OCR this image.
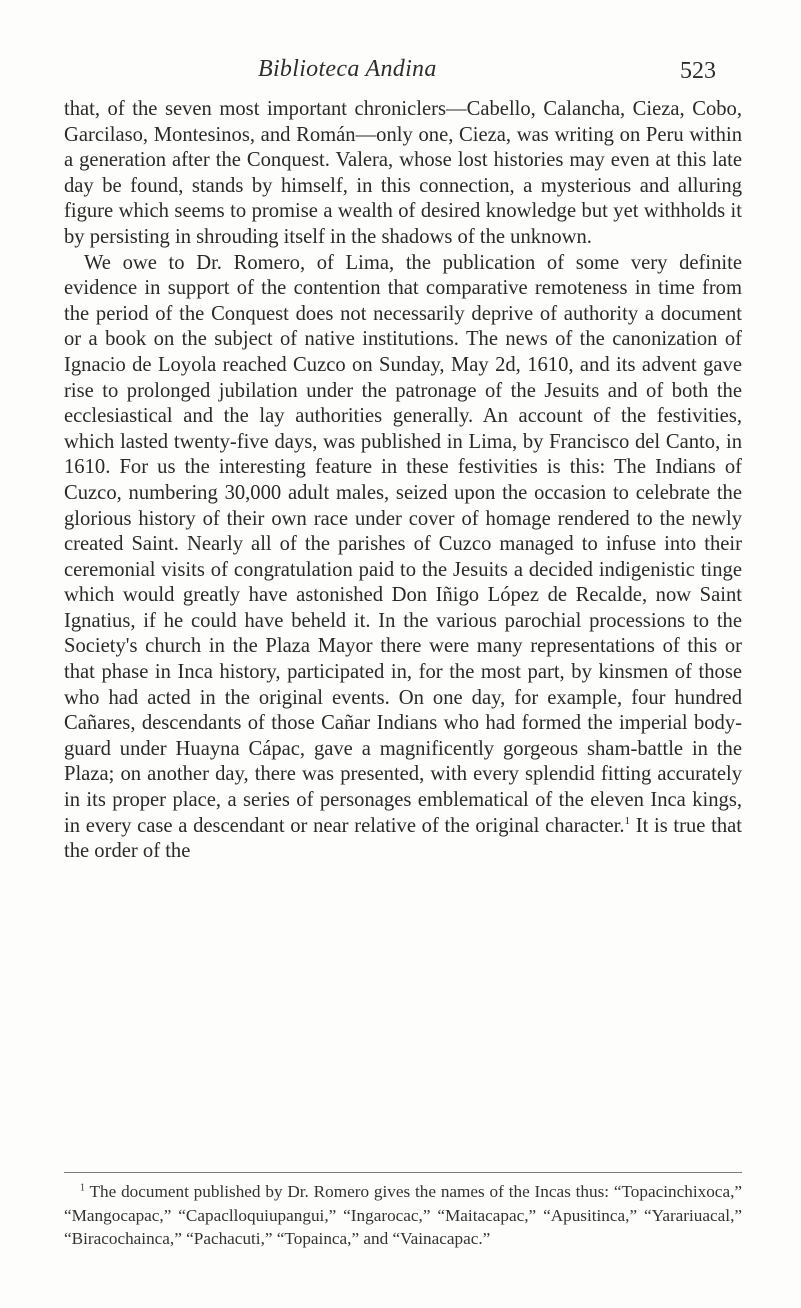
Biblioteca Andina	523

that, of the seven most important chroniclers—Cabello, Calancha, Cieza, Cobo, Garcilaso, Montesinos, and Román—only one, Cieza, was writing on Peru within a generation after the Conquest. Valera, whose lost histories may even at this late day be found, stands by himself, in this connection, a mysterious and alluring figure which seems to promise a wealth of desired knowledge but yet withholds it by persisting in shrouding itself in the shadows of the unknown.

We owe to Dr. Romero, of Lima, the publication of some very definite evidence in support of the contention that comparative remoteness in time from the period of the Conquest does not necessarily deprive of authority a document or a book on the subject of native institutions. The news of the canonization of Ignacio de Loyola reached Cuzco on Sunday, May 2d, 1610, and its advent gave rise to prolonged jubilation under the patronage of the Jesuits and of both the ecclesiastical and the lay authorities generally. An account of the festivities, which lasted twenty-five days, was published in Lima, by Francisco del Canto, in 1610. For us the interesting feature in these festivities is this: The Indians of Cuzco, numbering 30,000 adult males, seized upon the occasion to celebrate the glorious history of their own race under cover of homage rendered to the newly created Saint. Nearly all of the parishes of Cuzco managed to infuse into their ceremonial visits of congratulation paid to the Jesuits a decided indigenistic tinge which would greatly have astonished Don Iñigo López de Recalde, now Saint Ignatius, if he could have beheld it. In the various parochial processions to the Society's church in the Plaza Mayor there were many representations of this or that phase in Inca history, participated in, for the most part, by kinsmen of those who had acted in the original events. On one day, for example, four hundred Cañares, descendants of those Cañar Indians who had formed the imperial body-guard under Huayna Cápac, gave a magnificently gorgeous sham-battle in the Plaza; on another day, there was presented, with every splendid fitting accurately in its proper place, a series of personages emblematical of the eleven Inca kings, in every case a descendant or near relative of the original character.$^1$ It is true that the order of the

$^1$ The document published by Dr. Romero gives the names of the Incas thus: “Topacinchixoca,” “Mangocapac,” “Capaclloquiupangui,” “Ingarocac,” “Maitacapac,” “Apusitinca,” “Yarariuacal,” “Biracochainca,” “Pachacuti,” “Topainca,” and “Vainacapac.”
